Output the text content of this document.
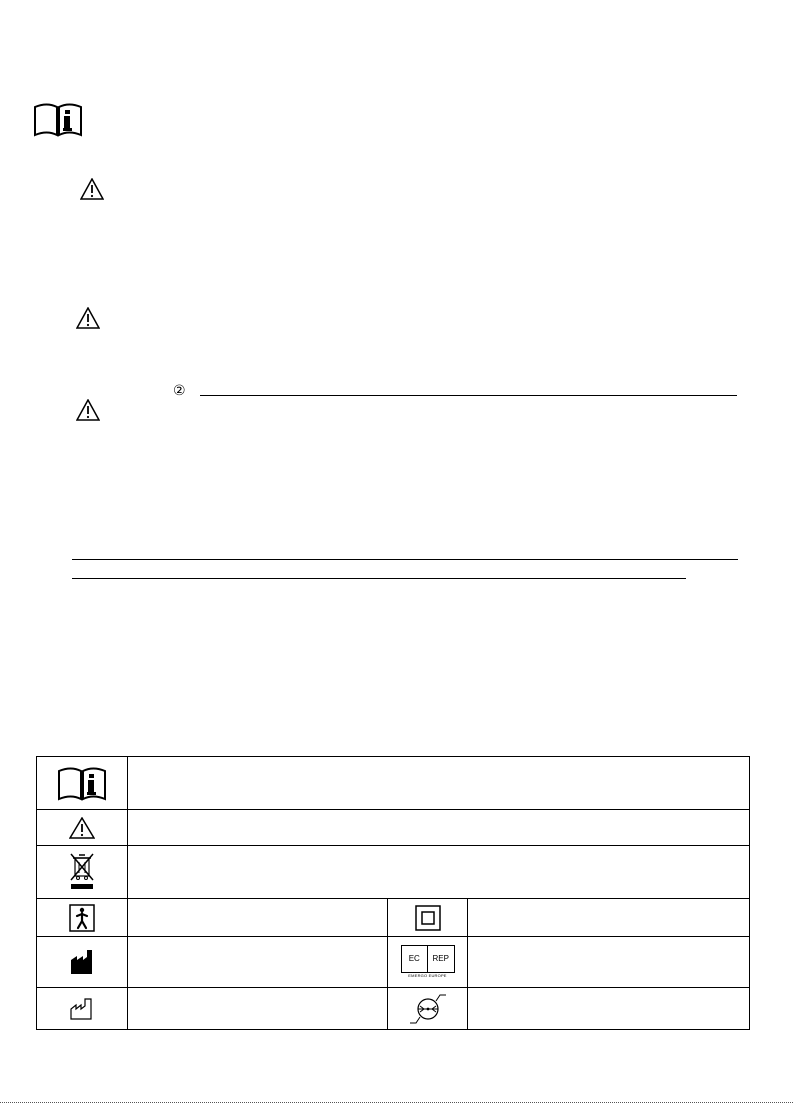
②

EC REP
EMERGO EUROPE	
